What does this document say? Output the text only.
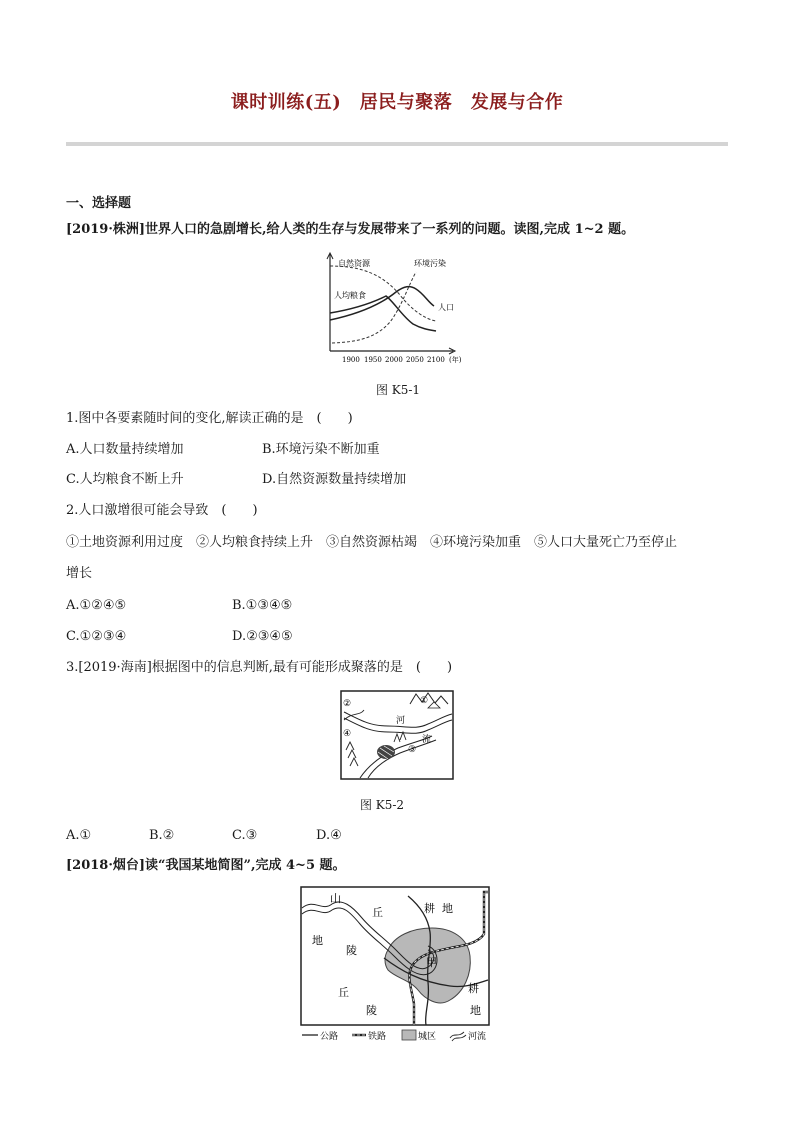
课时训练(五)　居民与聚落　发展与合作
一、选择题
[2019·株洲]世界人口的急剧增长,给人类的生存与发展带来了一系列的问题。读图,完成 1~2 题。
自然资源	环境污染
人均粮食
人口
1900 1950 2000 2050 2100 (年)
图 K5-1
1.图中各要素随时间的变化,解读正确的是　(　　)
A.人口数量持续增加	B.环境污染不断加重
C.人均粮食不断上升	D.自然资源数量持续增加
2.人口激增很可能会导致　(　　)
①土地资源利用过度　②人均粮食持续上升　③自然资源枯竭　④环境污染加重　⑤人口大量死亡乃至停止
增长
A.①②④⑤	B.①③④⑤
C.①②③④	D.②③④⑤
3.[2019·海南]根据图中的信息判断,最有可能形成聚落的是　(　　)
①
②
③
④
河
流
图 K5-2
A.①	B.②	C.③	D.④
[2018·烟台]读“我国某地简图”,完成 4~5 题。
山
丘
地
陵
耕 地
甲
丘
陵
耕
地
公路	铁路	城区	河流
